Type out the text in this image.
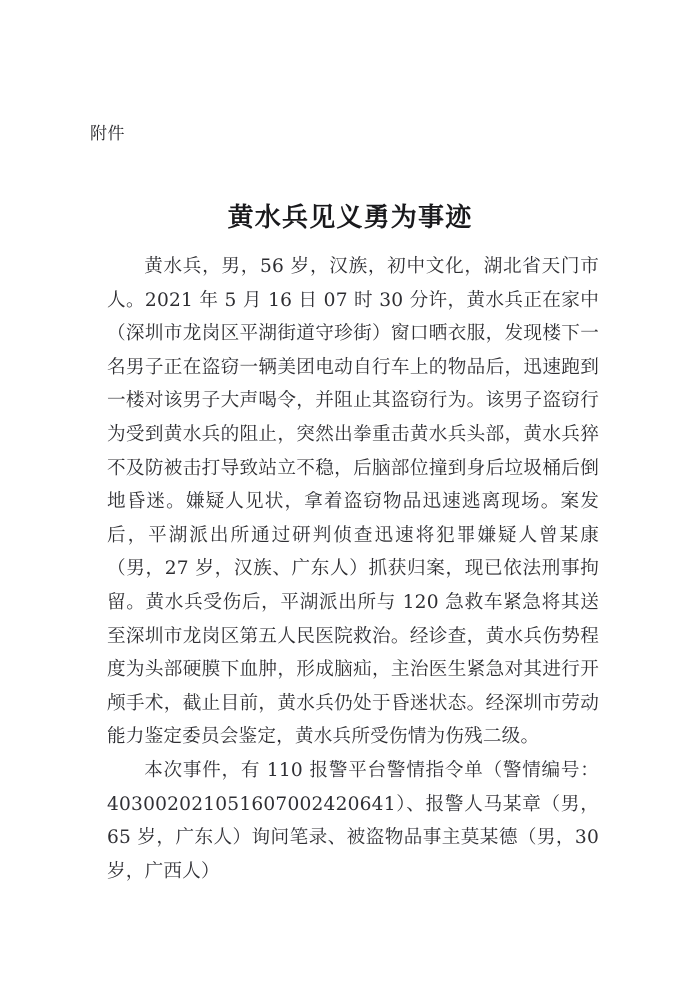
附件
黄水兵见义勇为事迹

黄水兵，男，56 岁，汉族，初中文化，湖北省天门市人。2021 年 5 月 16 日 07 时 30 分许，黄水兵正在家中（深圳市龙岗区平湖街道守珍街）窗口晒衣服，发现楼下一名男子正在盗窃一辆美团电动自行车上的物品后，迅速跑到一楼对该男子大声喝令，并阻止其盗窃行为。该男子盗窃行为受到黄水兵的阻止，突然出拳重击黄水兵头部，黄水兵猝不及防被击打导致站立不稳，后脑部位撞到身后垃圾桶后倒地昏迷。嫌疑人见状，拿着盗窃物品迅速逃离现场。案发后，平湖派出所通过研判侦查迅速将犯罪嫌疑人曾某康（男，27 岁，汉族、广东人）抓获归案，现已依法刑事拘留。黄水兵受伤后，平湖派出所与 120 急救车紧急将其送至深圳市龙岗区第五人民医院救治。经诊查，黄水兵伤势程度为头部硬膜下血肿，形成脑疝，主治医生紧急对其进行开颅手术，截止目前，黄水兵仍处于昏迷状态。经深圳市劳动能力鉴定委员会鉴定，黄水兵所受伤情为伤残二级。

本次事件，有 110 报警平台警情指令单（警情编号：403002021051607002420641）、报警人马某章（男，65 岁，广东人）询问笔录、被盗物品事主莫某德（男，30 岁，广西人）
